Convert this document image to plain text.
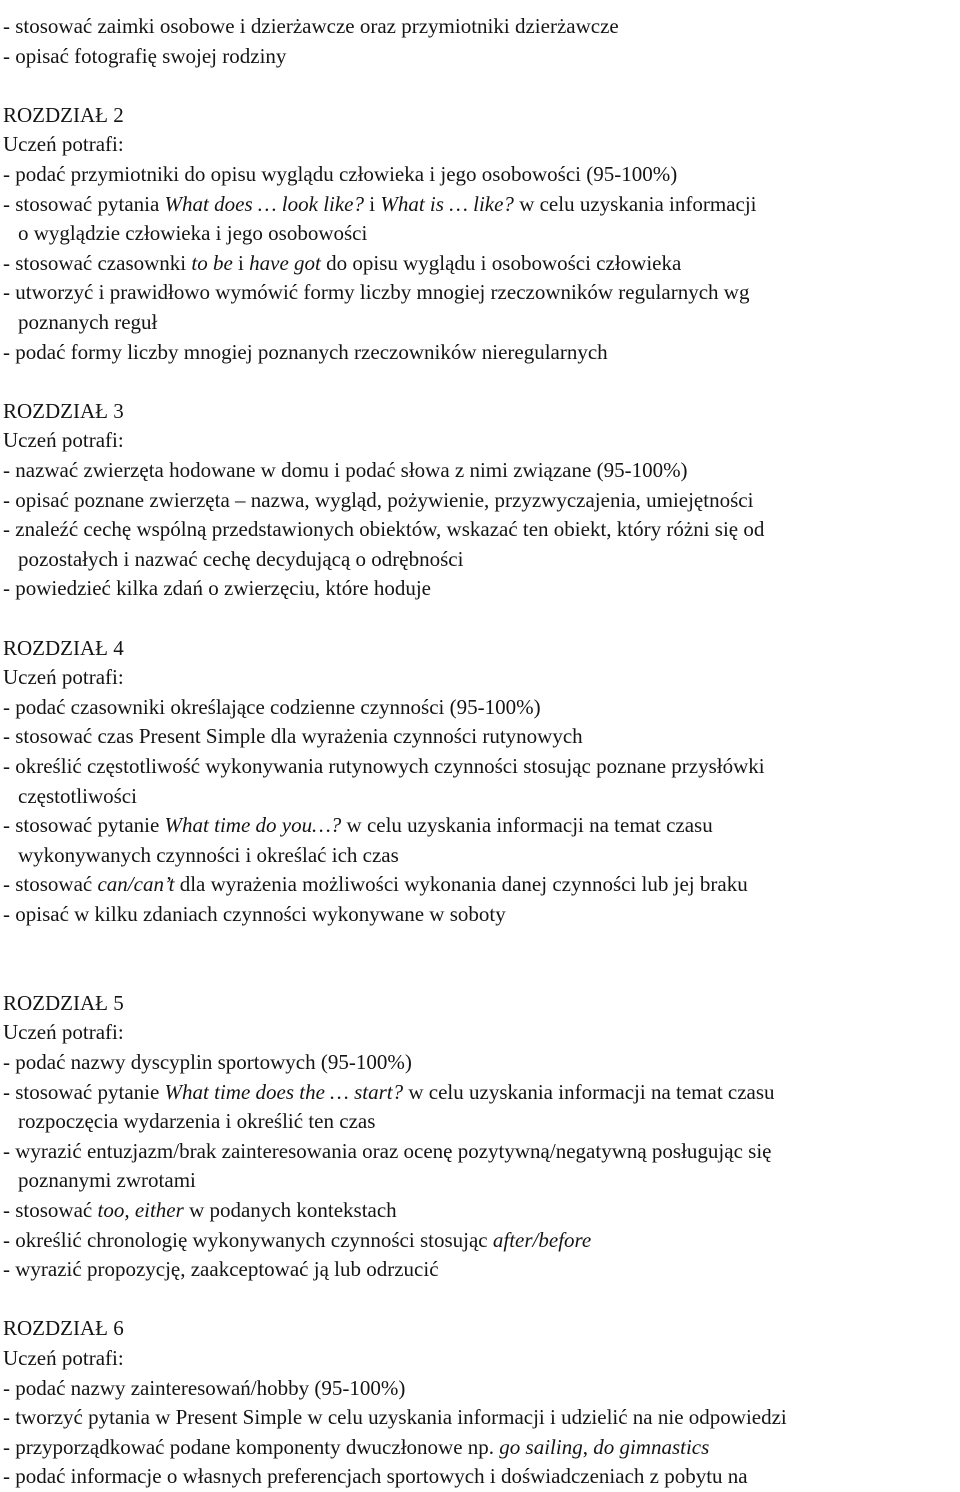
- stosować zaimki osobowe i dzierżawcze oraz przymiotniki dzierżawcze
- opisać fotografię swojej rodziny
ROZDZIAŁ 2
Uczeń potrafi:
- podać przymiotniki do opisu wyglądu człowieka i jego osobowości (95-100%)
- stosować pytania What does … look like? i What is … like? w celu uzyskania informacji
o wyglądzie człowieka i jego osobowości
- stosować czasownki to be i have got do opisu wyglądu i osobowości człowieka
- utworzyć i prawidłowo wymówić formy liczby mnogiej rzeczowników regularnych wg
poznanych reguł
- podać formy liczby mnogiej poznanych rzeczowników nieregularnych
ROZDZIAŁ 3
Uczeń potrafi:
- nazwać zwierzęta hodowane w domu i podać słowa z nimi związane (95-100%)
- opisać poznane zwierzęta – nazwa, wygląd, pożywienie, przyzwyczajenia, umiejętności
- znaleźć cechę wspólną przedstawionych obiektów, wskazać ten obiekt, który różni się od
pozostałych i nazwać cechę decydującą o odrębności
- powiedzieć kilka zdań o zwierzęciu, które hoduje
ROZDZIAŁ 4
Uczeń potrafi:
- podać czasowniki określające codzienne czynności (95-100%)
- stosować czas Present Simple dla wyrażenia czynności rutynowych
- określić częstotliwość wykonywania rutynowych czynności stosując poznane przysłówki
częstotliwości
- stosować pytanie What time do you…? w celu uzyskania informacji na temat czasu
wykonywanych czynności i określać ich czas
- stosować can/can’t dla wyrażenia możliwości wykonania danej czynności lub jej braku
- opisać w kilku zdaniach czynności wykonywane w soboty
ROZDZIAŁ 5
Uczeń potrafi:
- podać nazwy dyscyplin sportowych (95-100%)
- stosować pytanie What time does the … start? w celu uzyskania informacji na temat czasu
rozpoczęcia wydarzenia i określić ten czas
- wyrazić entuzjazm/brak zainteresowania oraz ocenę pozytywną/negatywną posługując się
poznanymi zwrotami
- stosować too, either w podanych kontekstach
- określić chronologię wykonywanych czynności stosując after/before
- wyrazić propozycję, zaakceptować ją lub odrzucić
ROZDZIAŁ 6
Uczeń potrafi:
- podać nazwy zainteresowań/hobby (95-100%)
- tworzyć pytania w Present Simple w celu uzyskania informacji i udzielić na nie odpowiedzi
- przyporządkować podane komponenty dwuczłonowe np. go sailing, do gimnastics
- podać informacje o własnych preferencjach sportowych i doświadczeniach z pobytu na
